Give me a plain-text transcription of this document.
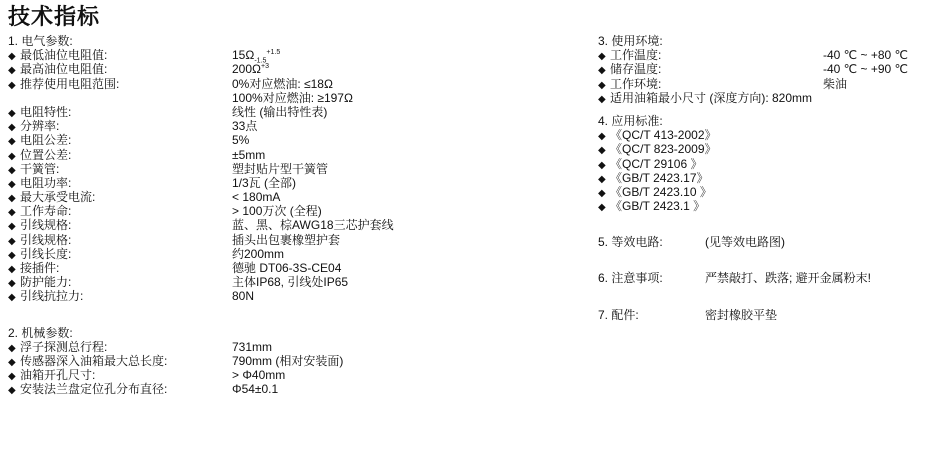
技术指标
1. 电气参数:
◆ 最低油位电阻值:	$15\Omega_{-1.5}^{+1.5}$
◆ 最高油位电阻值:	$200\Omega^{+3}$
◆ 推荐使用电阻范围:	0%对应燃油: ≤18Ω
100%对应燃油: ≥197Ω
◆ 电阻特性:	线性 (输出特性表)
◆ 分辨率:	33点
◆ 电阻公差:	5%
◆ 位置公差:	±5mm
◆ 干簧管:	塑封贴片型干簧管
◆ 电阻功率:	1/3瓦 (全部)
◆ 最大承受电流:	< 180mA
◆ 工作寿命:	> 100万次 (全程)
◆ 引线规格:	蓝、黑、棕AWG18三芯护套线
◆ 引线规格:	插头出包裹橡塑护套
◆ 引线长度:	约200mm
◆ 接插件:	德驰 DT06-3S-CE04
◆ 防护能力:	主体IP68, 引线处IP65
◆ 引线抗拉力:	80N
2. 机械参数:
◆ 浮子探测总行程:	731mm
◆ 传感器深入油箱最大总长度:	790mm (相对安装面)
◆ 油箱开孔尺寸:	> Φ40mm
◆ 安装法兰盘定位孔分布直径:	Φ54±0.1
3. 使用环境:
◆ 工作温度:	-40 ℃ ~ +80 ℃
◆ 储存温度:	-40 ℃ ~ +90 ℃
◆ 工作环境:	柴油
◆ 适用油箱最小尺寸 (深度方向): 820mm
4. 应用标准:
◆ 《QC/T 413-2002》
◆ 《QC/T 823-2009》
◆ 《QC/T 29106 》
◆ 《GB/T 2423.17》
◆ 《GB/T 2423.10 》
◆ 《GB/T 2423.1 》
5. 等效电路:	(见等效电路图)
6. 注意事项:	严禁敲打、跌落; 避开金属粉末!
7. 配件:	密封橡胶平垫
